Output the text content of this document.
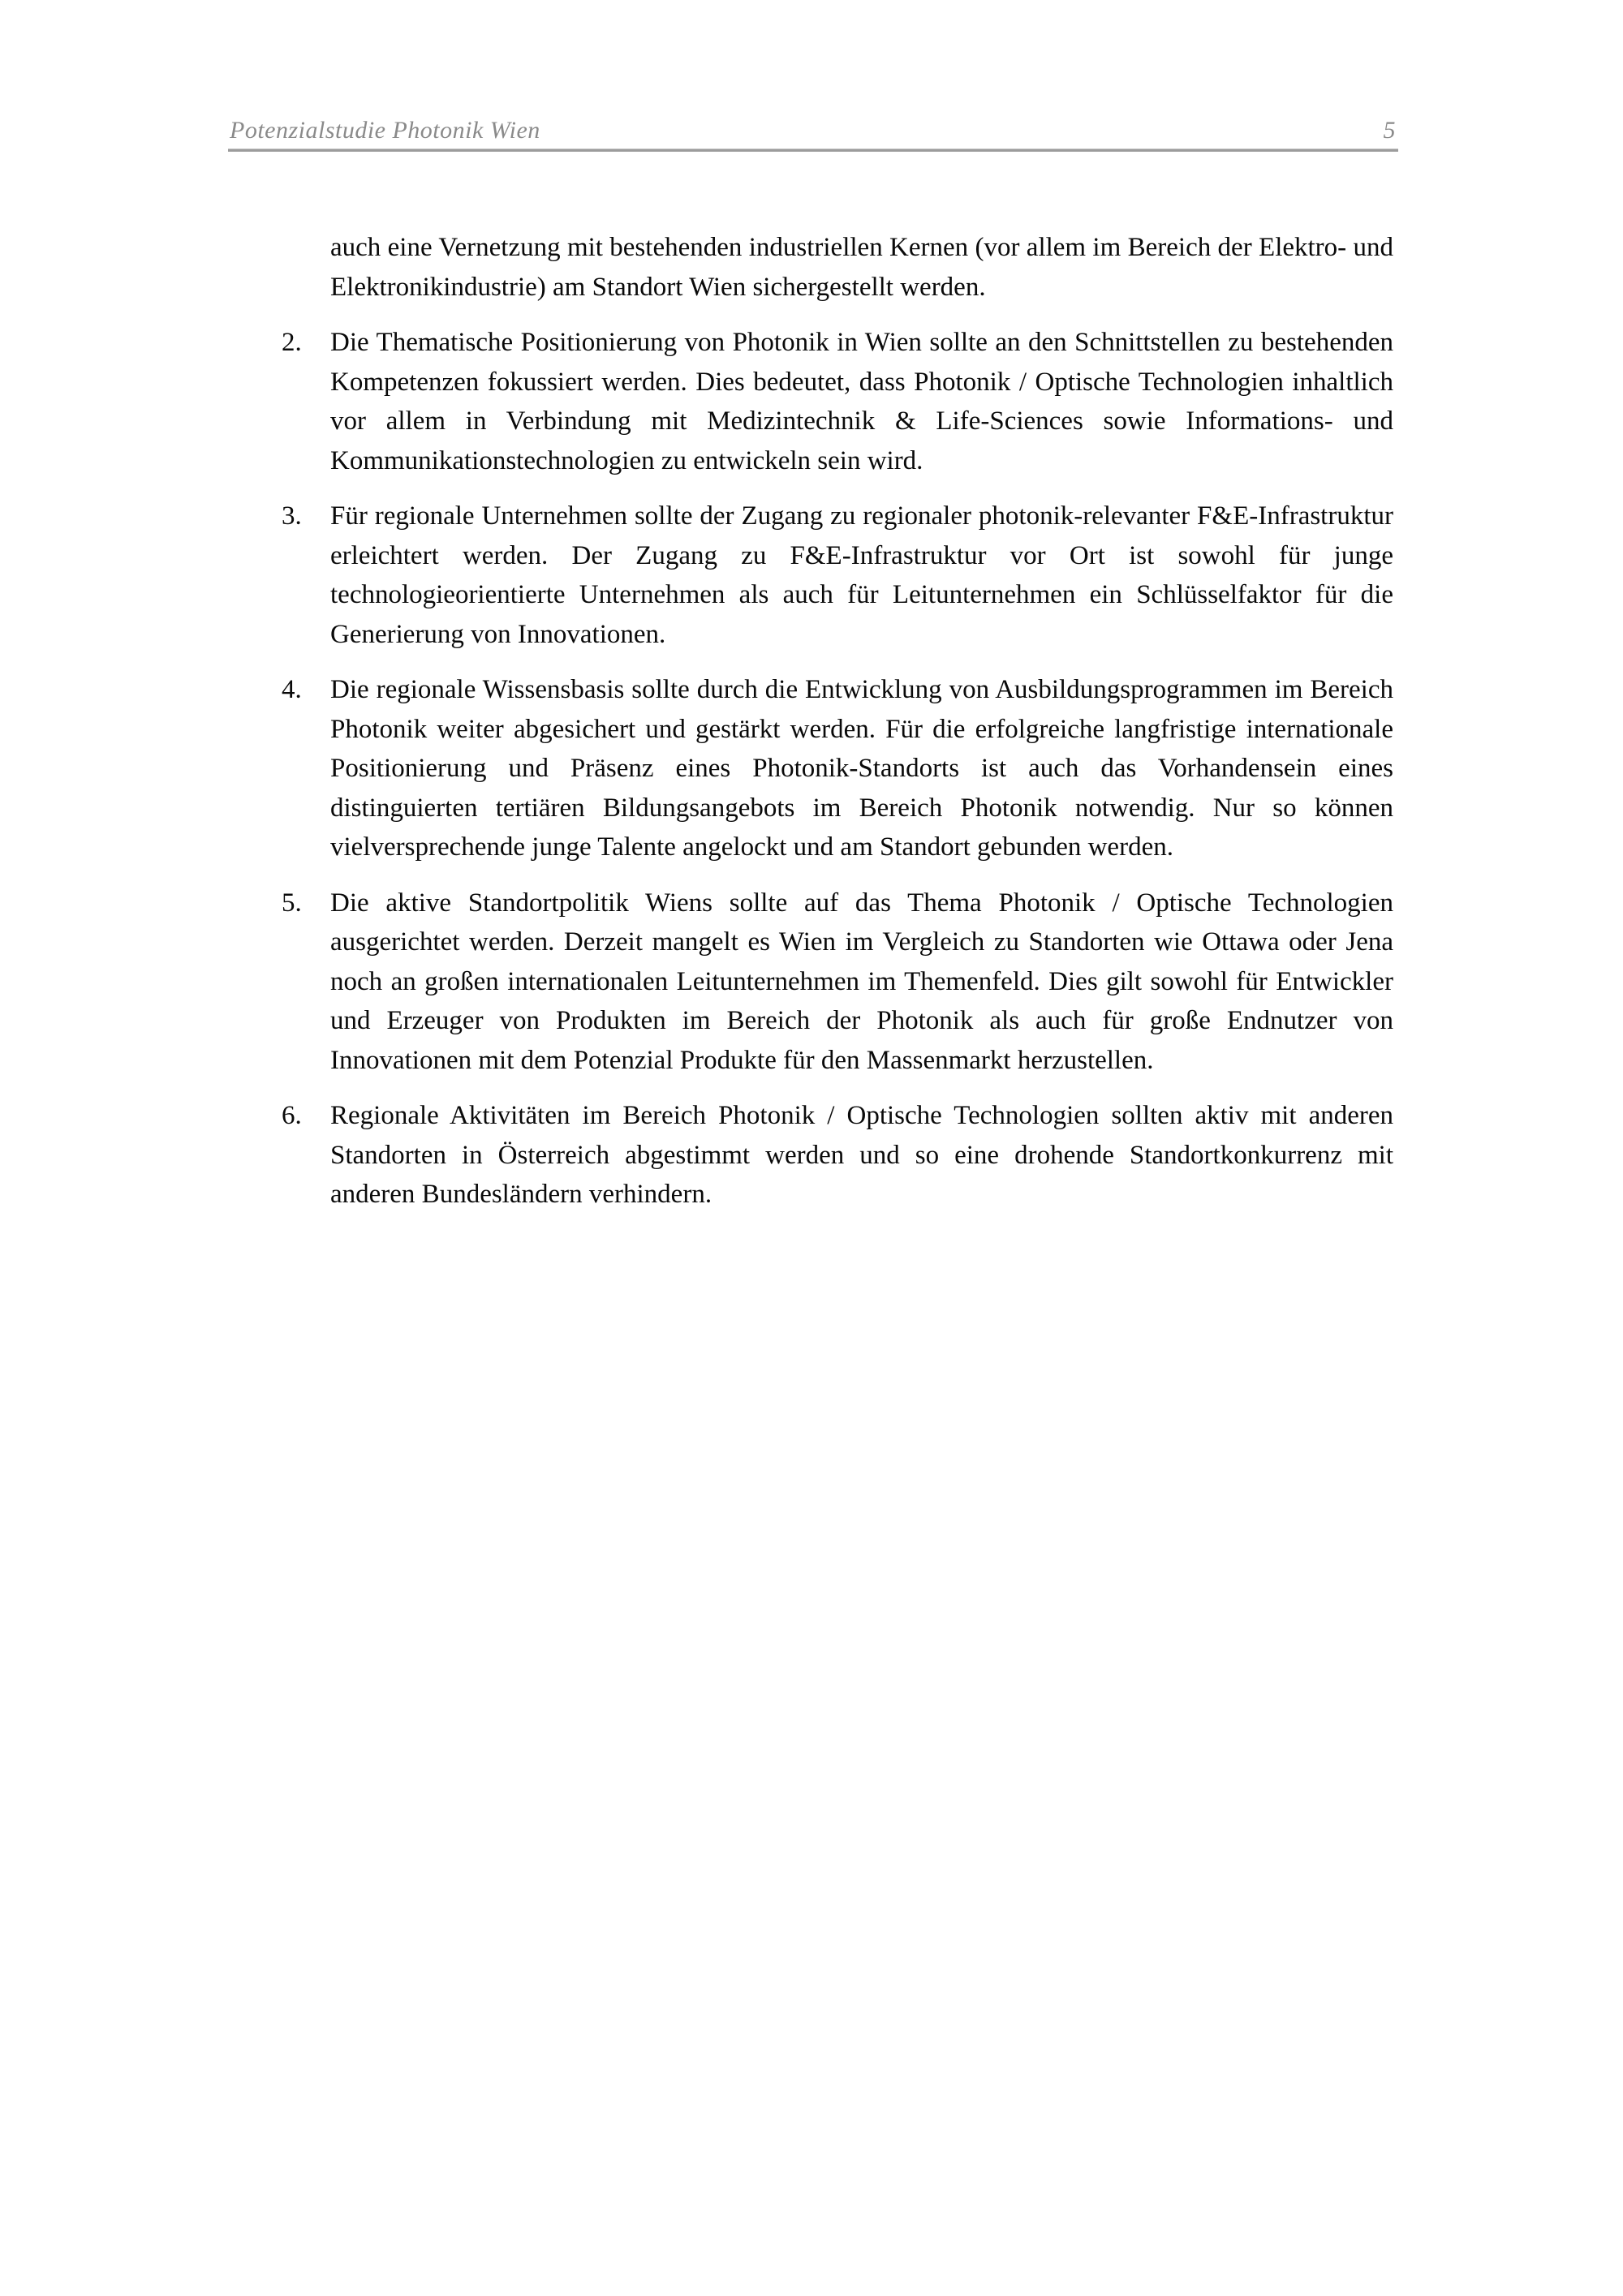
Potenzialstudie Photonik Wien	5

auch eine Vernetzung mit bestehenden industriellen Kernen (vor allem im Bereich der Elektro- und Elektronikindustrie) am Standort Wien sichergestellt werden.

2. Die Thematische Positionierung von Photonik in Wien sollte an den Schnittstellen zu bestehenden Kompetenzen fokussiert werden. Dies bedeutet, dass Photonik / Optische Technologien inhaltlich vor allem in Verbindung mit Medizintechnik & Life-Sciences sowie Informations- und Kommunikationstechnologien zu entwickeln sein wird.

3. Für regionale Unternehmen sollte der Zugang zu regionaler photonik-relevanter F&E-Infrastruktur erleichtert werden. Der Zugang zu F&E-Infrastruktur vor Ort ist sowohl für junge technologieorientierte Unternehmen als auch für Leitunternehmen ein Schlüsselfaktor für die Generierung von Innovationen.

4. Die regionale Wissensbasis sollte durch die Entwicklung von Ausbildungsprogrammen im Bereich Photonik weiter abgesichert und gestärkt werden. Für die erfolgreiche langfristige internationale Positionierung und Präsenz eines Photonik-Standorts ist auch das Vorhandensein eines distinguierten tertiären Bildungsangebots im Bereich Photonik notwendig. Nur so können vielversprechende junge Talente angelockt und am Standort gebunden werden.

5. Die aktive Standortpolitik Wiens sollte auf das Thema Photonik / Optische Technologien ausgerichtet werden. Derzeit mangelt es Wien im Vergleich zu Standorten wie Ottawa oder Jena noch an großen internationalen Leitunternehmen im Themenfeld. Dies gilt sowohl für Entwickler und Erzeuger von Produkten im Bereich der Photonik als auch für große Endnutzer von Innovationen mit dem Potenzial Produkte für den Massenmarkt herzustellen.

6. Regionale Aktivitäten im Bereich Photonik / Optische Technologien sollten aktiv mit anderen Standorten in Österreich abgestimmt werden und so eine drohende Standortkonkurrenz mit anderen Bundesländern verhindern.
